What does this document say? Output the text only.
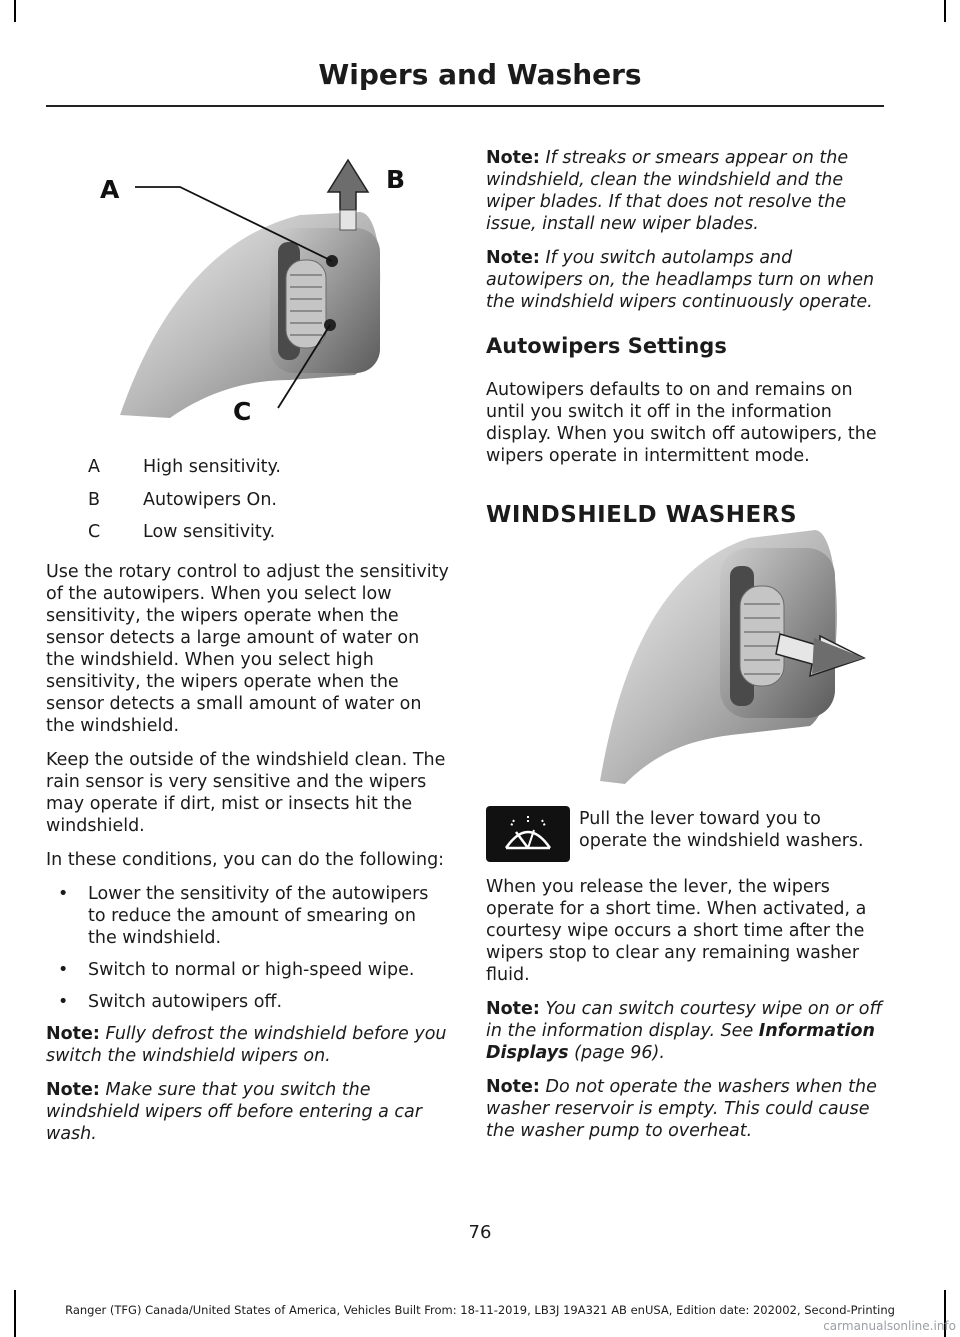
Wipers and Washers
A	B
C
A High sensitivity.
B Autowipers On.
C Low sensitivity.

Use the rotary control to adjust the sensitivity of the autowipers. When you select low sensitivity, the wipers operate when the sensor detects a large amount of water on the windshield. When you select high sensitivity, the wipers operate when the sensor detects a small amount of water on the windshield.

Keep the outside of the windshield clean. The rain sensor is very sensitive and the wipers may operate if dirt, mist or insects hit the windshield.

In these conditions, you can do the following:

• Lower the sensitivity of the autowipers to reduce the amount of smearing on the windshield.
• Switch to normal or high-speed wipe.
• Switch autowipers off.

Note: Fully defrost the windshield before you switch the windshield wipers on.

Note: Make sure that you switch the windshield wipers off before entering a car wash.

Note: If streaks or smears appear on the windshield, clean the windshield and the wiper blades. If that does not resolve the issue, install new wiper blades.

Note: If you switch autolamps and autowipers on, the headlamps turn on when the windshield wipers continuously operate.

Autowipers Settings

Autowipers defaults to on and remains on until you switch it off in the information display. When you switch off autowipers, the wipers operate in intermittent mode.

WINDSHIELD WASHERS

Pull the lever toward you to operate the windshield washers.

When you release the lever, the wipers operate for a short time. When activated, a courtesy wipe occurs a short time after the wipers stop to clear any remaining washer fluid.

Note: You can switch courtesy wipe on or off in the information display. See Information Displays (page 96).

Note: Do not operate the washers when the washer reservoir is empty. This could cause the washer pump to overheat.

76
Ranger (TFG) Canada/United States of America, Vehicles Built From: 18-11-2019, LB3J 19A321 AB enUSA, Edition date: 202002, Second-Printing
carmanualsonline.info
